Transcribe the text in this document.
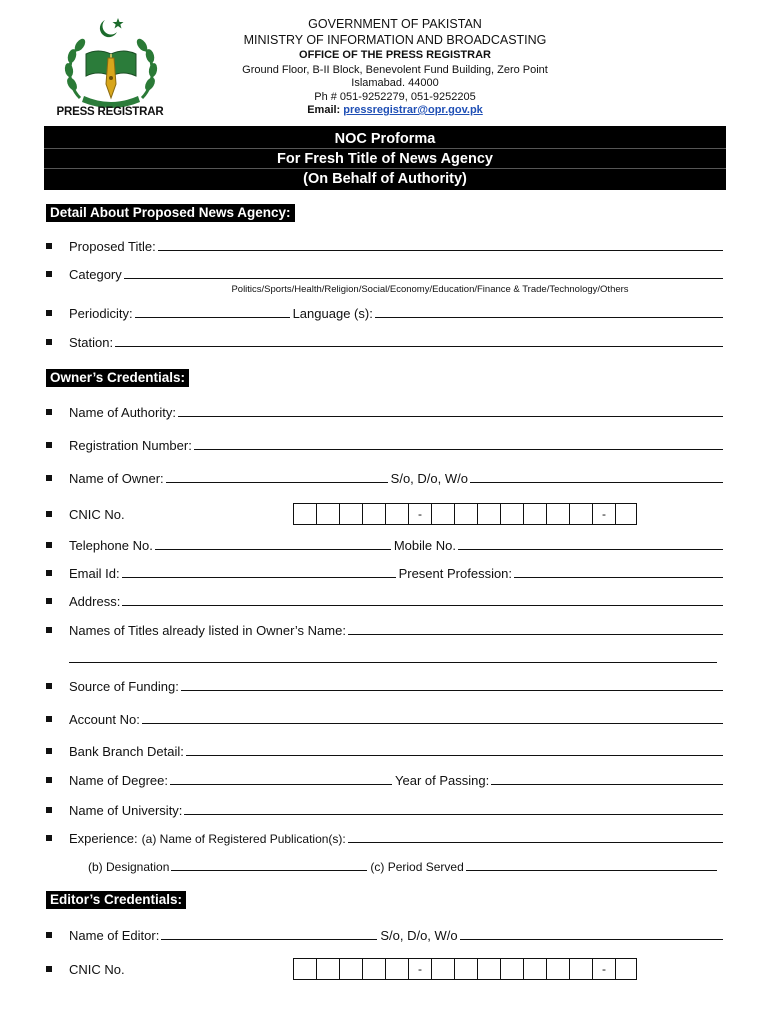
PRESS REGISTRAR
GOVERNMENT OF PAKISTAN
MINISTRY OF INFORMATION AND BROADCASTING
OFFICE OF THE PRESS REGISTRAR
Ground Floor, B-II Block, Benevolent Fund Building, Zero Point
Islamabad. 44000
Ph # 051-9252279, 051-9252205
Email: pressregistrar@opr.gov.pk
NOC Proforma
For Fresh Title of News Agency
(On Behalf of Authority)
Detail About Proposed News Agency:
Proposed Title:
Category
Politics/Sports/Health/Religion/Social/Economy/Education/Finance & Trade/Technology/Others
Periodicity:	Language (s):
Station:
Owner’s Credentials:
Name of Authority:
Registration Number:
Name of Owner:	S/o, D/o, W/o
CNIC No.	-	-
Telephone No.	Mobile No.
Email Id:	Present Profession:
Address:
Names of Titles already listed in Owner’s Name:
Source of Funding:
Account No:
Bank Branch Detail:
Name of Degree:	Year of Passing:
Name of University:
Experience: (a) Name of Registered Publication(s):
(b) Designation	(c) Period Served
Editor’s Credentials:
Name of Editor:	S/o, D/o, W/o
CNIC No.	-	-
